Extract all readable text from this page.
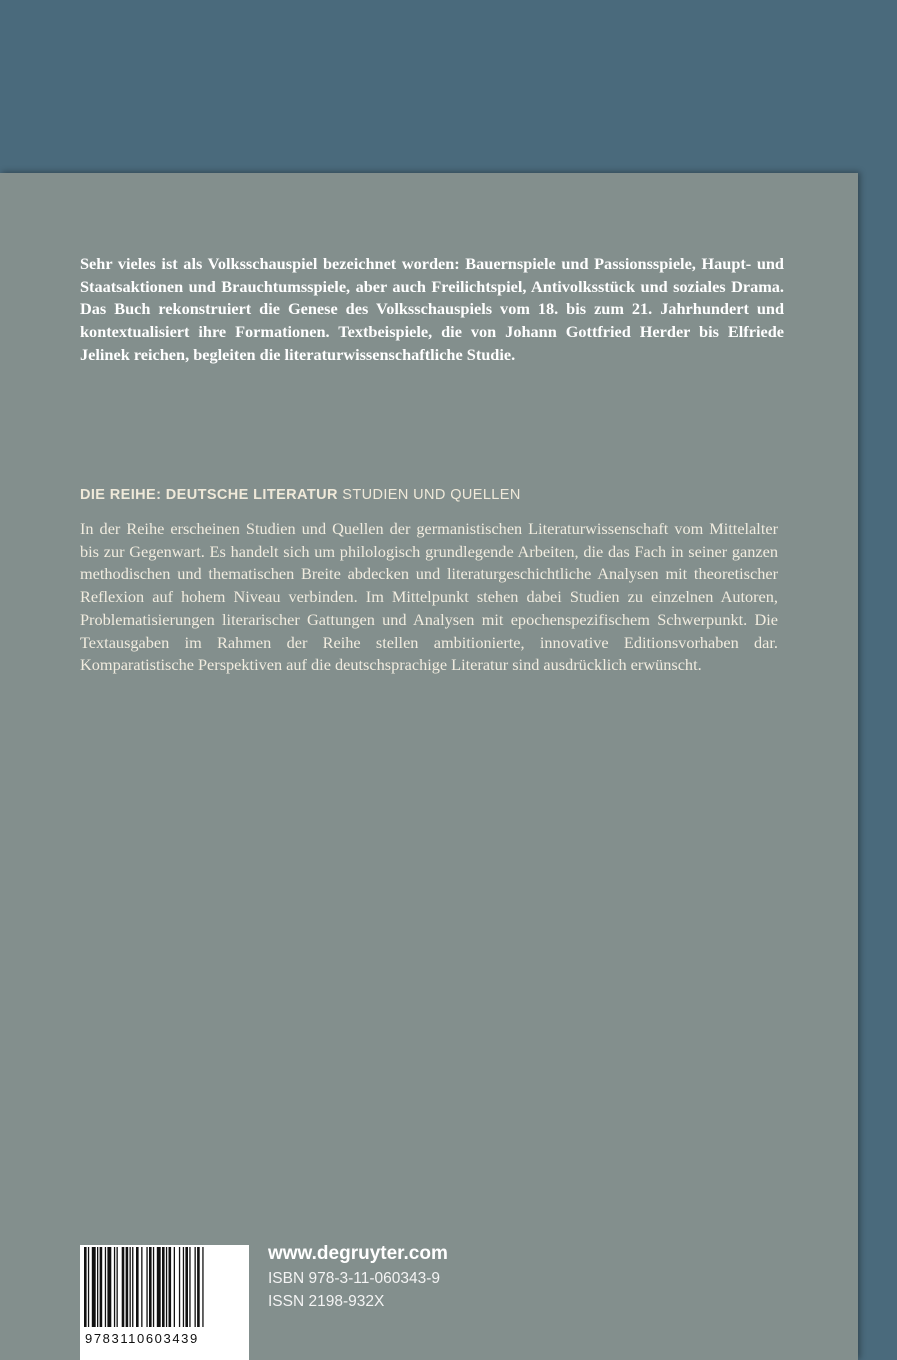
Sehr vieles ist als Volksschauspiel bezeichnet worden: Bauernspiele und Passionsspiele, Haupt- und Staatsaktionen und Brauchtumsspiele, aber auch Freilichtspiel, Antivolksstück und soziales Drama. Das Buch rekonstruiert die Genese des Volksschauspiels vom 18. bis zum 21. Jahrhundert und kontextualisiert ihre Formationen. Textbeispiele, die von Johann Gottfried Herder bis Elfriede Jelinek reichen, begleiten die literaturwissenschaftliche Studie.

DIE REIHE: DEUTSCHE LITERATUR STUDIEN UND QUELLEN

In der Reihe erscheinen Studien und Quellen der germanistischen Literaturwissenschaft vom Mittelalter bis zur Gegenwart. Es handelt sich um philologisch grundlegende Arbeiten, die das Fach in seiner ganzen methodischen und thematischen Breite abdecken und literaturgeschichtliche Analysen mit theoretischer Reflexion auf hohem Niveau verbinden. Im Mittelpunkt stehen dabei Studien zu einzelnen Autoren, Problematisierungen literarischer Gattungen und Analysen mit epochenspezifischem Schwerpunkt. Die Textausgaben im Rahmen der Reihe stellen ambitionierte, innovative Editionsvorhaben dar. Komparatistische Perspektiven auf die deutschsprachige Literatur sind ausdrücklich erwünscht.

9783110603439
www.degruyter.com
ISBN 978-3-11-060343-9
ISSN 2198-932X
